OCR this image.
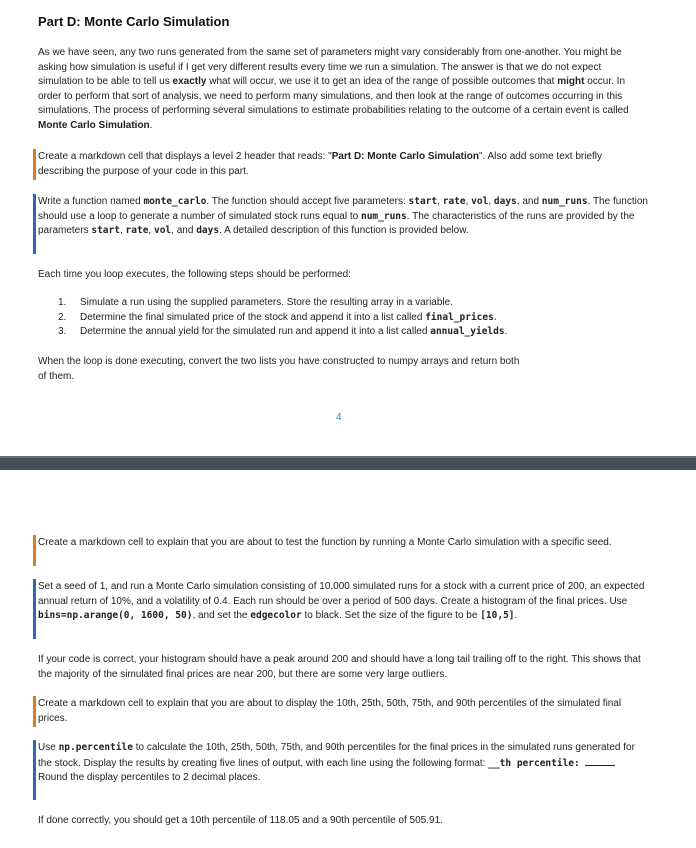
Part D: Monte Carlo Simulation

As we have seen, any two runs generated from the same set of parameters might vary considerably from one-another. You might be asking how simulation is useful if I get very different results every time we run a simulation. The answer is that we do not expect simulation to be able to tell us exactly what will occur, we use it to get an idea of the range of possible outcomes that might occur. In order to perform that sort of analysis, we need to perform many simulations, and then look at the range of outcomes occurring in this simulations. The process of performing several simulations to estimate probabilities relating to the outcome of a certain event is called Monte Carlo Simulation.

Create a markdown cell that displays a level 2 header that reads: "Part D: Monte Carlo Simulation". Also add some text briefly describing the purpose of your code in this part.

Write a function named monte_carlo. The function should accept five parameters: start, rate, vol, days, and num_runs. The function should use a loop to generate a number of simulated stock runs equal to num_runs. The characteristics of the runs are provided by the parameters start, rate, vol, and days. A detailed description of this function is provided below.

Each time you loop executes, the following steps should be performed:

1.	Simulate a run using the supplied parameters. Store the resulting array in a variable.
2.	Determine the final simulated price of the stock and append it into a list called final_prices.
3.	Determine the annual yield for the simulated run and append it into a list called annual_yields.

When the loop is done executing, convert the two lists you have constructed to numpy arrays and return both of them.

4

Create a markdown cell to explain that you are about to test the function by running a Monte Carlo simulation with a specific seed.

Set a seed of 1, and run a Monte Carlo simulation consisting of 10,000 simulated runs for a stock with a current price of 200, an expected annual return of 10%, and a volatility of 0.4. Each run should be over a period of 500 days. Create a histogram of the final prices. Use bins=np.arange(0, 1600, 50), and set the edgecolor to black. Set the size of the figure to be [10,5].

If your code is correct, your histogram should have a peak around 200 and should have a long tail trailing off to the right. This shows that the majority of the simulated final prices are near 200, but there are some very large outliers.

Create a markdown cell to explain that you are about to display the 10th, 25th, 50th, 75th, and 90th percentiles of the simulated final prices.

Use np.percentile to calculate the 10th, 25th, 50th, 75th, and 90th percentiles for the final prices in the simulated runs generated for the stock. Display the results by creating five lines of output, with each line using the following format: __th percentile:
Round the display percentiles to 2 decimal places.

If done correctly, you should get a 10th percentile of 118.05 and a 90th percentile of 505.91.
